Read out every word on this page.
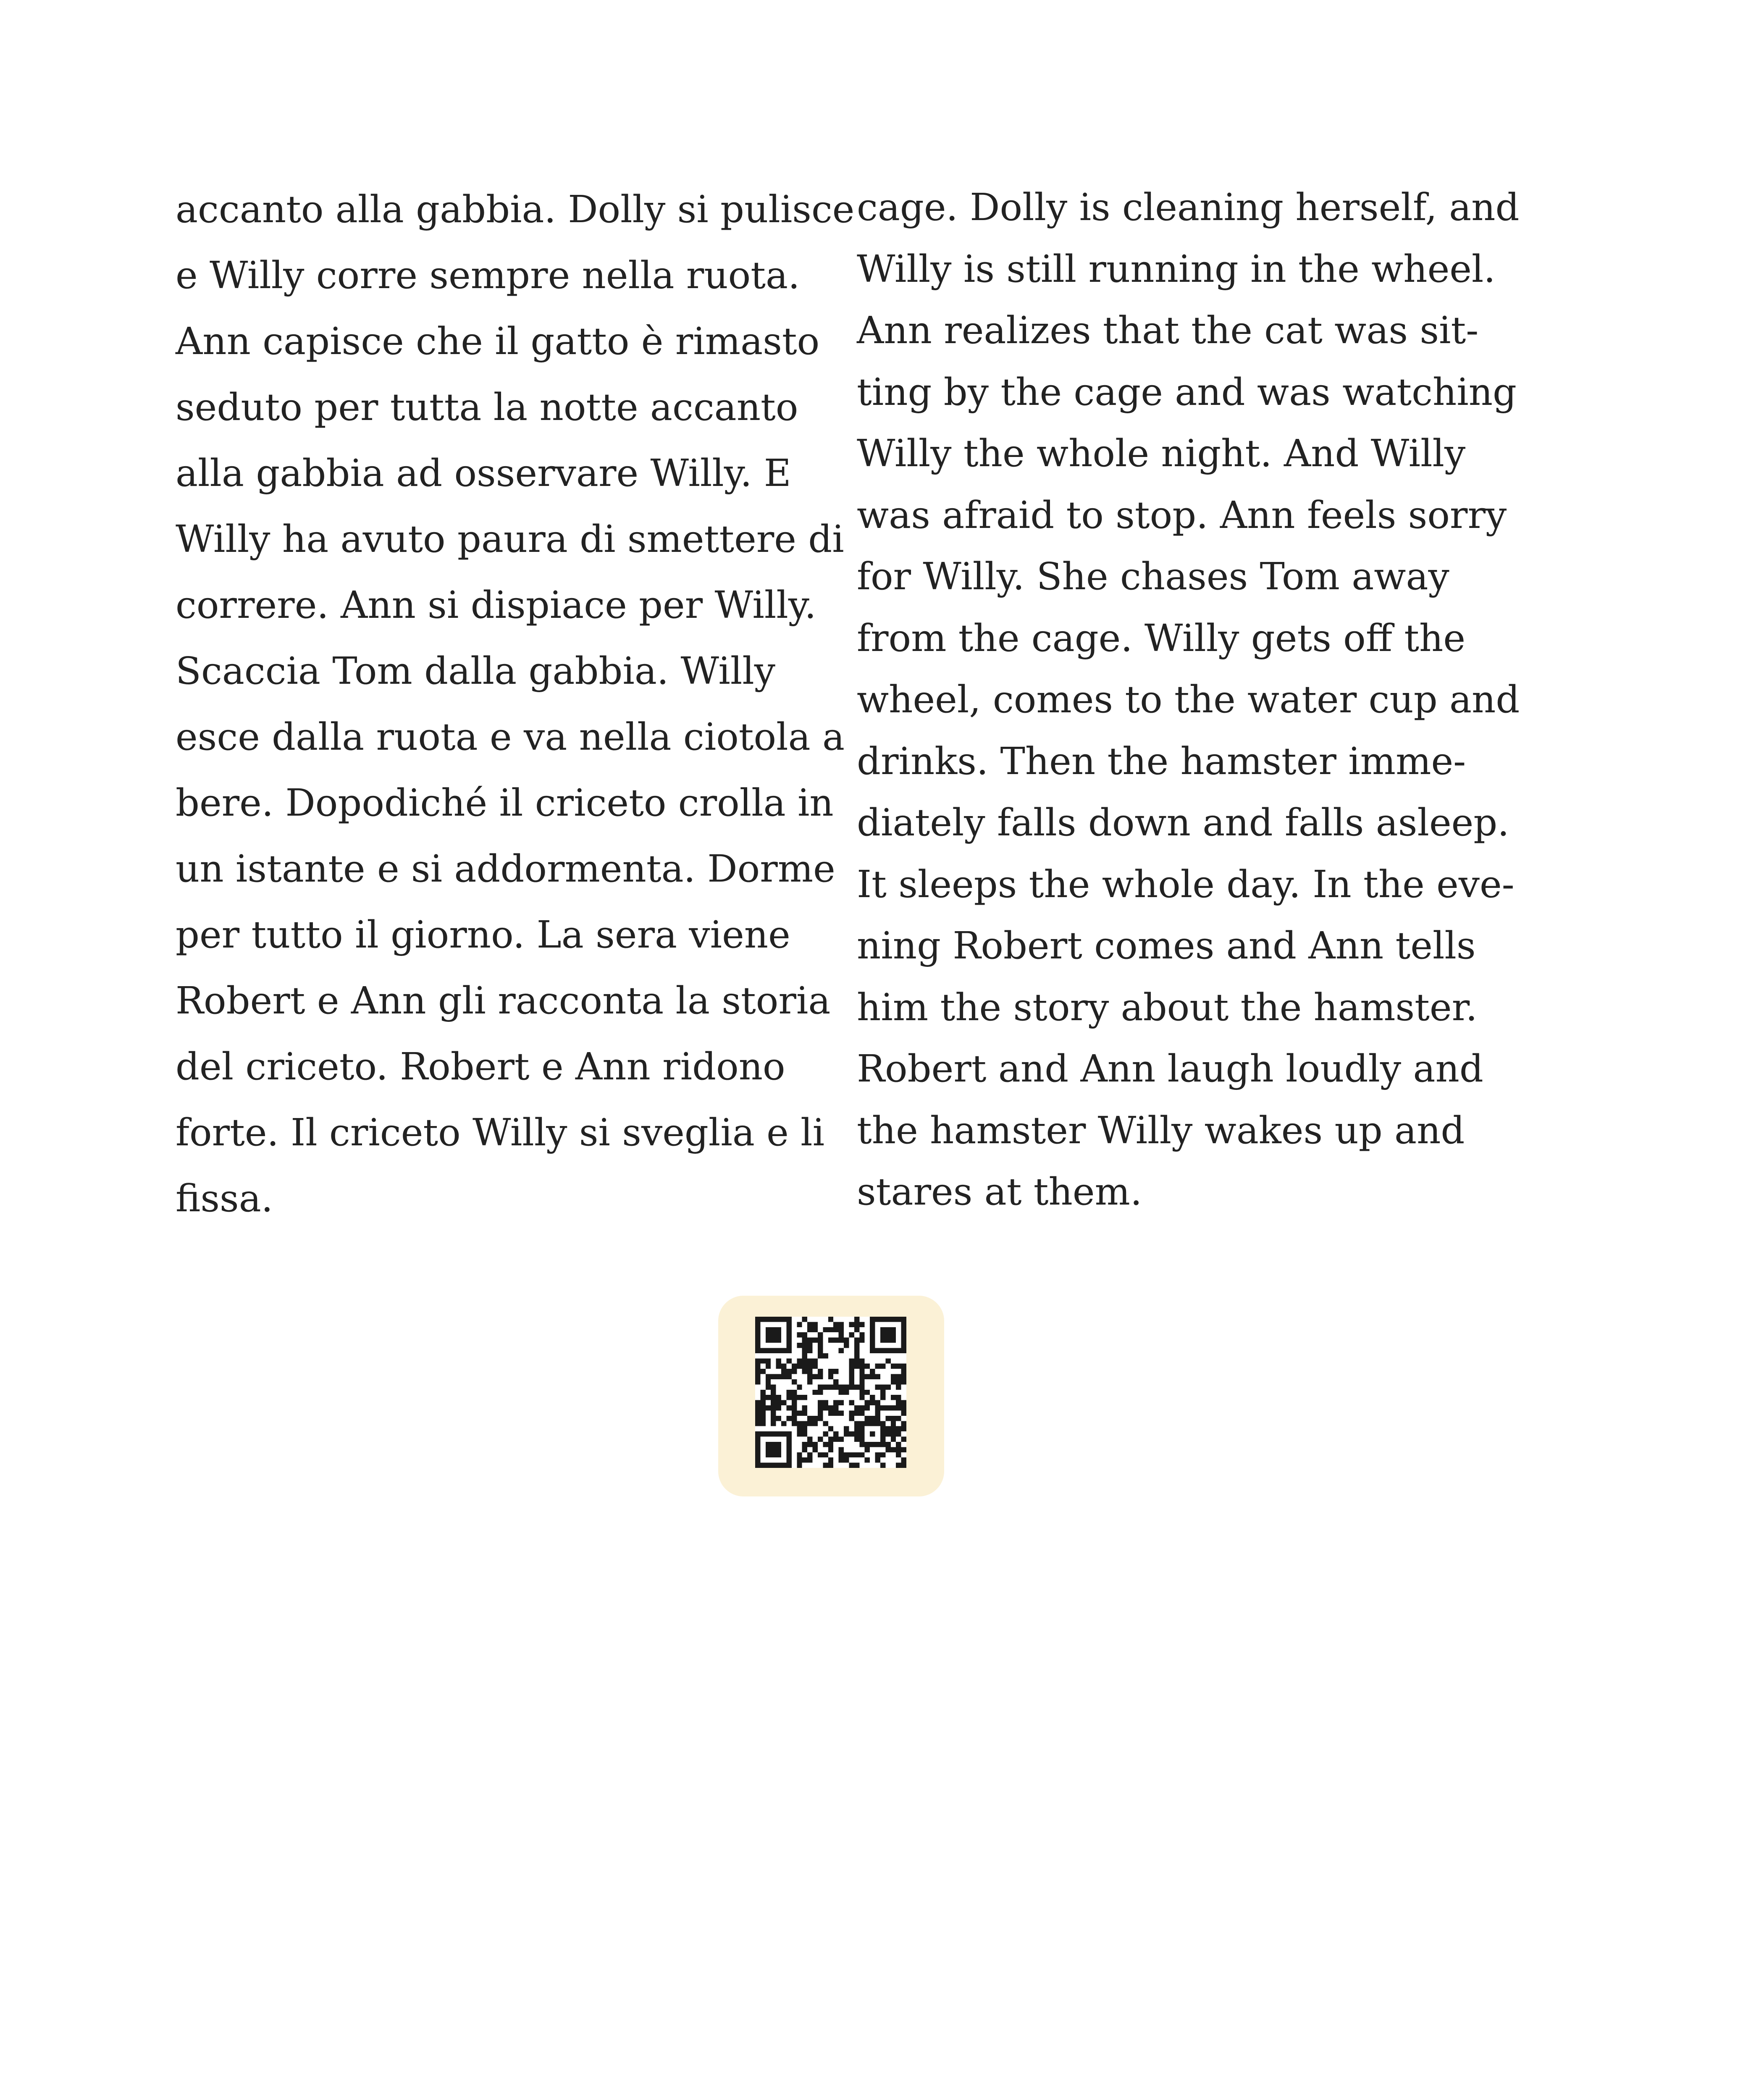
accanto alla gabbia. Dolly si pulisce
e Willy corre sempre nella ruota.
Ann capisce che il gatto è rimasto
seduto per tutta la notte accanto
alla gabbia ad osservare Willy. E
Willy ha avuto paura di smettere di
correre. Ann si dispiace per Willy.
Scaccia Tom dalla gabbia. Willy
esce dalla ruota e va nella ciotola a
bere. Dopodiché il criceto crolla in
un istante e si addormenta. Dorme
per tutto il giorno. La sera viene
Robert e Ann gli racconta la storia
del criceto. Robert e Ann ridono
forte. Il criceto Willy si sveglia e li
fissa.
cage. Dolly is cleaning herself, and
Willy is still running in the wheel.
Ann realizes that the cat was sit-
ting by the cage and was watching
Willy the whole night. And Willy
was afraid to stop. Ann feels sorry
for Willy. She chases Tom away
from the cage. Willy gets off the
wheel, comes to the water cup and
drinks. Then the hamster imme-
diately falls down and falls asleep.
It sleeps the whole day. In the eve-
ning Robert comes and Ann tells
him the story about the hamster.
Robert and Ann laugh loudly and
the hamster Willy wakes up and
stares at them.
